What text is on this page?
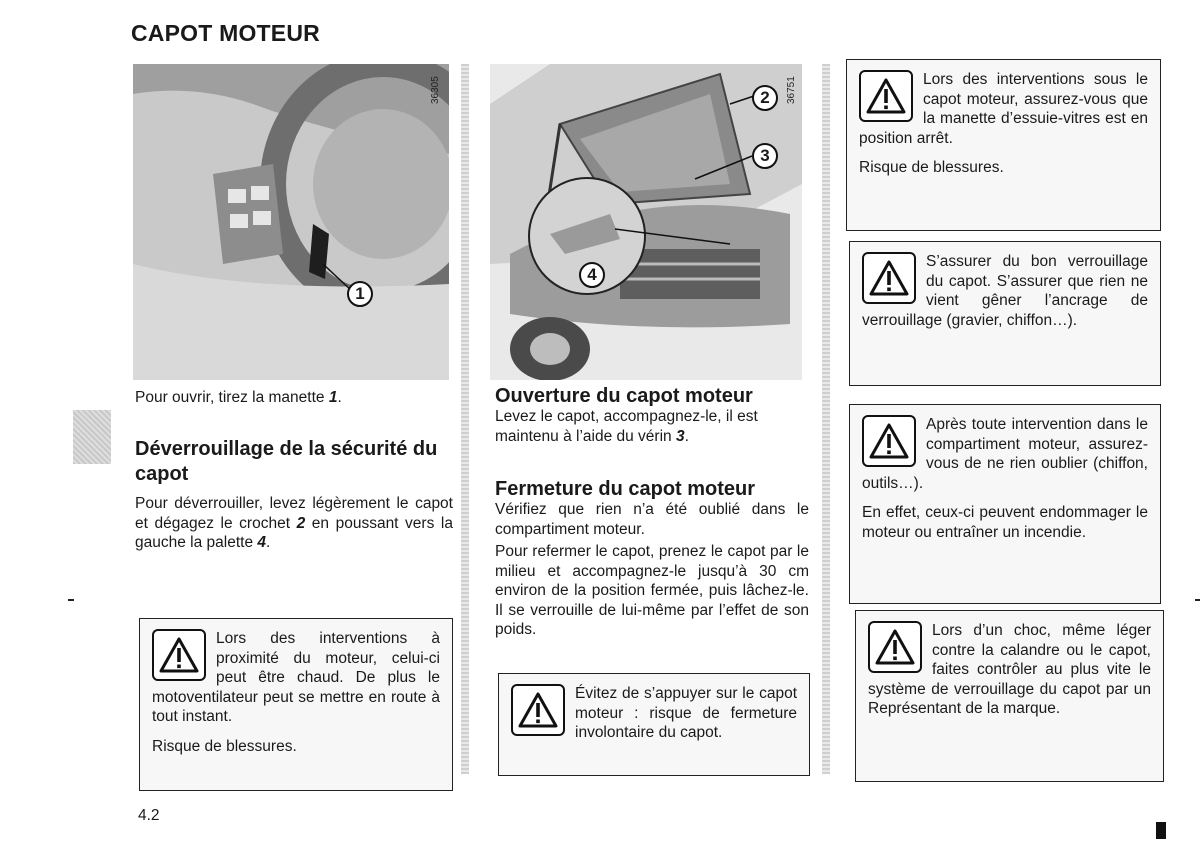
CAPOT MOTEUR
1
36305	2
3
4
36751
Pour ouvrir, tirez la manette 1.
Déverrouillage de la sécurité du capot
Pour déverrouiller, levez légèrement le capot et dégagez le crochet 2 en poussant vers la gauche la palette 4.

Lors des interventions à proximité du moteur, celui-ci peut être chaud. De plus le motoventilateur peut se mettre en route à tout instant.

Risque de blessures.

4.2
Ouverture du capot moteur
Levez le capot, accompagnez-le, il est maintenu à l’aide du vérin 3.
Fermeture du capot moteur
Vérifiez que rien n’a été oublié dans le compartiment moteur.
Pour refermer le capot, prenez le capot par le milieu et accompagnez-le jusqu’à 30 cm environ de la position fermée, puis lâchez-le. Il se verrouille de lui-même par l’effet de son poids.

Évitez de s’appuyer sur le capot moteur : risque de fermeture involontaire du capot.

Lors des interventions sous le capot moteur, assurez-vous que la manette d’essuie-vitres est en position arrêt.

Risque de blessures.

S’assurer du bon verrouillage du capot. S’assurer que rien ne vient gêner l’ancrage de verrouillage (gravier, chiffon…).

Après toute intervention dans le compartiment moteur, assurez-vous de ne rien oublier (chiffon, outils…).

En effet, ceux-ci peuvent endommager le moteur ou entraîner un incendie.

Lors d’un choc, même léger contre la calandre ou le capot, faites contrôler au plus vite le système de verrouillage du capot par un Représentant de la marque.
